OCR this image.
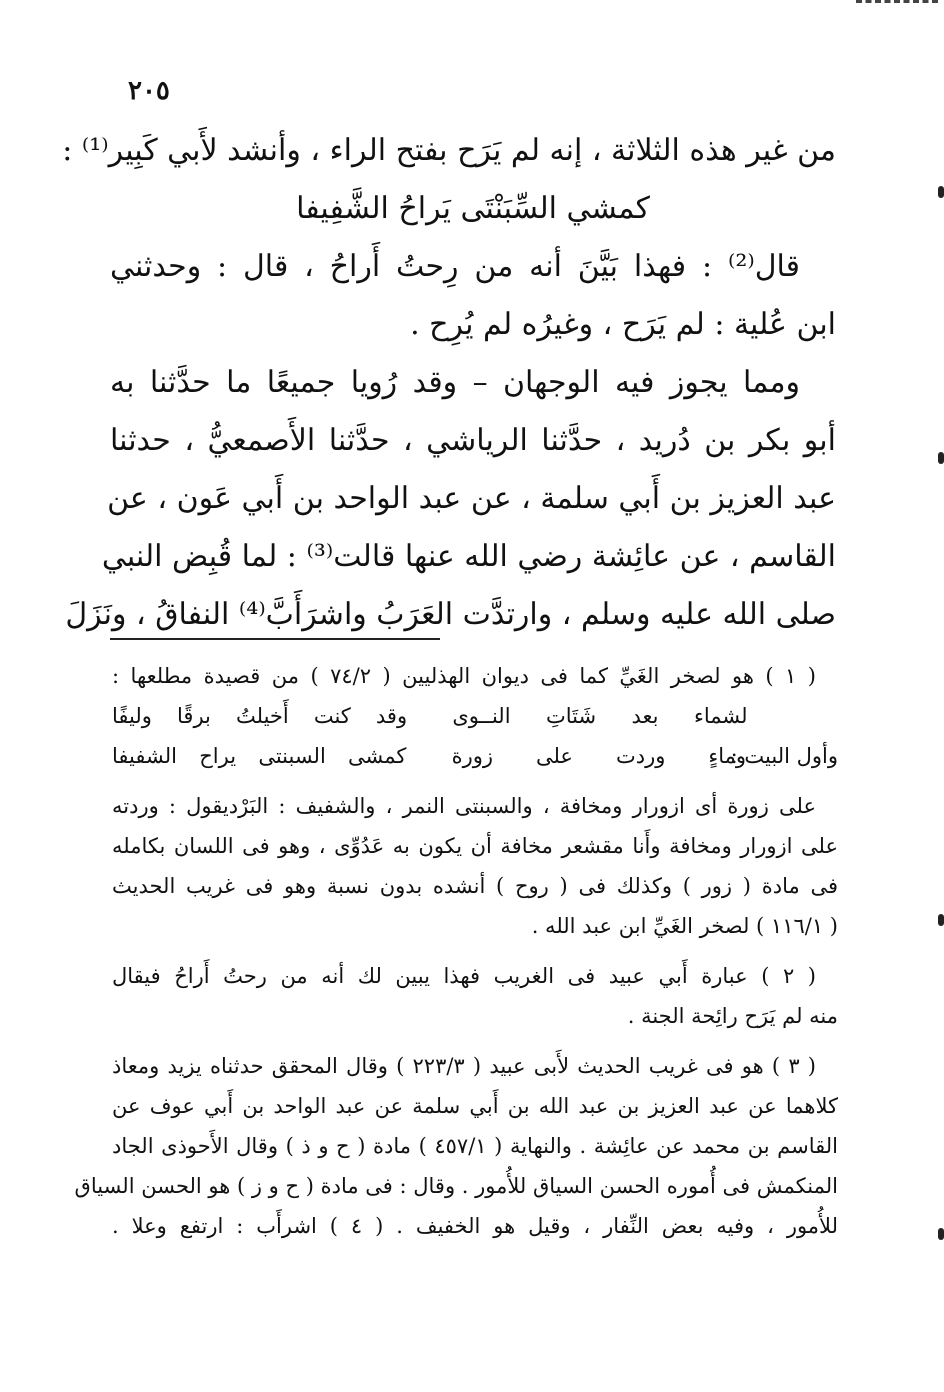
٢٠٥
من غير هذه الثلاثة ، إنه لم يَرَح بفتح الراء ، وأنشد لأَبي كَبِير⁽¹⁾ :
كمشي السِّبَنْتَى يَراحُ الشَّفِيفا
قال⁽²⁾ : فهذا بَيَّنَ أنه من رِحتُ أَراحُ ، قال : وحدثني
ابن عُلية : لم يَرَح ، وغيرُه لم يُرِح .
ومما يجوز فيه الوجهان – وقد رُويا جميعًا ما حدَّثنا به
أبو بكر بن دُريد ، حدَّثنا الرياشي ، حدَّثنا الأَصمعيُّ ، حدثنا
عبد العزيز بن أَبي سلمة ، عن عبد الواحد بن أَبي عَون ، عن
القاسم ، عن عائِشة رضي الله عنها قالت⁽³⁾ : لما قُبِض النبي
صلى الله عليه وسلم ، وارتدَّت العَرَبُ واشرَأَبَّ⁽⁴⁾ النفاقُ ، ونَزَلَ
( ١ ) هو لصخر الغَيِّ كما فى ديوان الهذليين ( ٧٤/٢ ) من قصيدة مطلعها :
لشماء بعد شَتَاتِ النــوى
وقد كنت أَخيلتُ برقًا وليفًا
وأول البيت :
وماءٍ وردت على زورة
كمشى السبنتى يراح الشفيفا
على زورة أى ازورار ومخافة ، والسبنتى النمر ، والشفيف : البَرْديقول : وردته
على ازورار ومخافة وأَنا مقشعر مخافة أن يكون به عَدُوِّى ، وهو فى اللسان بكامله
فى مادة ( زور ) وكذلك فى ( روح ) أنشده بدون نسبة وهو فى غريب الحديث
( ١١٦/١ ) لصخر الغَيِّ ابن عبد الله .
( ٢ ) عبارة أَبي عبيد فى الغريب فهذا يبين لك أنه من رحتُ أَراحُ فيقال
منه لم يَرَح رائِحة الجنة .
( ٣ ) هو فى غريب الحديث لأَبى عبيد ( ٢٢٣/٣ ) وقال المحقق حدثناه يزيد ومعاذ
كلاهما عن عبد العزيز بن عبد الله بن أَبي سلمة عن عبد الواحد بن أَبي عوف عن
القاسم بن محمد عن عائِشة . والنهاية ( ٤٥٧/١ ) مادة ( ح و ذ ) وقال الأَحوذى الجاد
المنكمش فى أُموره الحسن السياق للأُمور . وقال : فى مادة ( ح و ز ) هو الحسن السياق
للأُمور ، وفيه بعض النِّفار ، وقيل هو الخفيف . ( ٤ ) اشرأَب : ارتفع وعلا .
